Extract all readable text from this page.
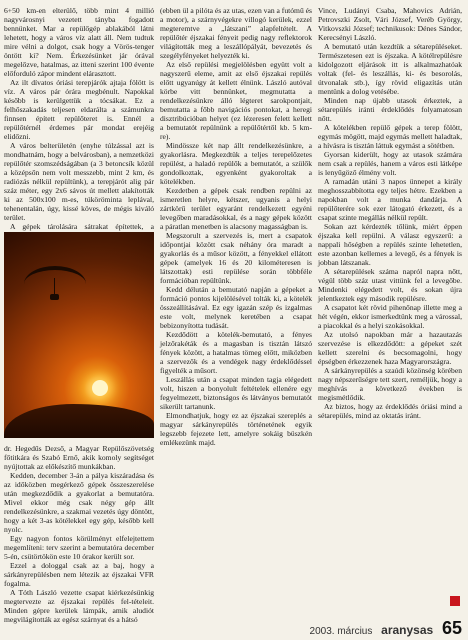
6+50 km-en elterülő, több mint 4 millió nagyvárosnyi vezetett tányba fogadott bennünket. Mar a repülőgép ablakából látni lehetett, hogy a város víz alatt áll. Nem tudtuk mire vélni a dolgot, csak hogy a Vörös-tenger öntött ki? Nem. Érkezésünket jár órával megelőzve, hatalmas, az itteni szerint 100 évente előforduló zápor mindent elárasztott.

Az ilt dívatos óriási terepjárók ajtaja fölött is víz. A város pár órára megbénult. Napokkal később is kerülgettük a tócsákat. Ez a felhőszakadás teljesen eldarálta a számunkra finnsen épített repülőteret is. Ennél a repülőtérnél érdemes pár mondat erejéig elidőzni.

A város belterületén (enyhe túlzással azt is mondhatnám, hogy a belvárosban), a nemzetközi repülőtér szomszédságában (a 3 betoncsík közül a középsőn nem volt messzebb, mint 2 km, és radiózás nélkül repültünk), a terepjárót alig pár száz méter, egy 2x6 sávos út mellett alakították ki az 500x100 m-es, túköröminta leplával, tehenentalán, úgy, kissé köves, de mégis kiváló terület.

A gépek tárolására sátrakat építettek, a

dr. Hegedűs Dezső, a Magyar Repülőszövetség főtitkára és Szabó Ernő, akik komoly segítséget nyújtottak az előkészítő munkákban.

Kedden, december 3-án a pálya kiszáradása és az időközben megérkező gépek összeszerelése után megkezdődik a gyakorlat a bemutatóra. Mivel ekkor még csak négy gép állt rendelkezésünkre, a szakmai vezetés úgy döntött, hogy a két 3-as kötélekkel egy gép, később kell nyolc.

Egy nagyon fontos körülményt elfelejtettem megemlíteni: terv szerint a bemutatóra december 5-én, csütörtökön este 10 órakor került sor.

Ezzel a dologgal csak az a baj, hogy a sárkányrepülésben nem létezik az éjszakai VFR fogalma.

A Tóth László vezette csapat kiérkezésünkig megtervezte az éjszakai repülés fel-tételeit. Minden gépre kerülek lámpák, amik aludiót megvilágították az egész szárnyat és a hátsó

(ebben ül a pilóta és az utas, ezen van a futómű és a motor), a szárnyvégekre villogó kerülek, ezzel megteremtve a „látszani” alapfeltételt. A repülőtér éjszakai fényeit pedig nagy reflektorok világították meg a leszállópályát, bevezetés és szegélyfényeket helyezték ki.

Az első repülési megjelölésben együtt volt a nagyszerű eleme, amit az első éjszakai repülés előtt ugyanúgy át kellett élnünk. László autóval körbe vitt bennünket, megmutatta a rendelkezésünkre álló légteret sarokpontjait, bemutatta a főbb navigációs pontokat, a heregi disztribúcióban helyet (ez lézeresen felett kellett a bemutatót repülnünk a repülőtértől kb. 5 km-re).

Mindössze két nap állt rendelkezésünkre, a gyakorlásra. Megkezdtük a teljes terepelőzetes repülést, a haladó repülők a bemutatót, a szülők gondolkoztak, egyenként gyakoroltak a kötelékben.

Kezdetben a gépek csak rendben repülni az ismeretlen helyre, kétszer, ugyanis a helyi zártkörű terület egyaránt rendelkezett egyéni levegőben maradásokkal, és a nagy gépek között a páratlan menetben is alacsony magasságban is.

Megszorult a szervezés is, mert a csapatok időpontjai között csak néhány óra maradt a gyakorlás és a műsor között, a fényekkel ellátott gépek (amelyek 16 és 20 kilométeresen is látszottak) esti repülése során többféle formációban repültünk.

Kedd délután a bemutató napján a gépeket a formáció pontos kijelölésével tolták ki, a kötelék összeállításával. Ez egy igazán szép és izgalmas este volt, melynek keretében a csapat bebizonyította tudását.

Kezdődött a kötelék-bemutató, a fényes jelzőrakéták és a magasban is tisztán látszó fények között, a hatalmas tömeg előtt, miközben a szervezők és a vendégek nagy érdeklődéssel figyelték a műsort.

Leszállás után a csapat minden tagja elégedett volt, hiszen a bonyolult feltételek ellenére egy fegyelmezett, biztonságos és látványos bemutatót sikerült tartanunk.

Elmondhatjuk, hogy ez az éjszakai szereplés a magyar sárkányrepülés történetének egyik legszebb fejezete lett, amelyre sokáig büszkén emlékezünk majd.

Vince, Ludányi Csaba, Mahovics Adrián, Petrovszki Zsolt, Vári József, Veréb György, Vitkovszki József; technikusok: Dénes Sándor, Kerecsényi László.

A bemutató után kezdtük a sétarepüléseket. Természetesen ezt is éjszaka. A kötélrepülésre kidolgozott eljárások itt is alkalmazhatóak voltak (fel- és leszállás, ki- és besorolás, útvonalak stb.), így rövid eligazítás után mentünk a dolog vetésébe.

Minden nap újabb utasok érkeztek, a sétarepülés iránti érdeklődés folyamatosan nőtt.

A kötelékben repülő gépek a terep fölött, egymás mögött, majd egymás mellett haladtak, a hívásra is tisztán láttuk egymást a sötétben.

Gyorsan kiderült, hogy az utasok számára nem csak a repülés, hanem a város esti látképe is lenyűgöző élmény volt.

A ramadán utáni 3 napos ünnepet a király meghosszabbította egy teljes hétre. Ezekben a napokban volt a munka dandárja. A repülőterére sok ezer látogató érkezett, és a csapat szinte megállás nélkül repült.

Sokan azt kérdezték tőlünk, miért éppen éjszaka kell repülni. A válasz egyszerű: a nappali hőségben a repülés szinte lehetetlen, este azonban kellemes a levegő, és a fények is jobban látszanak.

A sétarepülések száma napról napra nőtt, végül több száz utast vittünk fel a levegőbe. Mindenki elégedett volt, és sokan újra jelentkeztek egy második repülésre.

A csapatot két rövid pihenőnap illette meg a hét végén, ekkor ismerkedtünk meg a várossal, a piacokkal és a helyi szokásokkal.

Az utolsó napokban már a hazautazás szervezése is elkezdődött: a gépeket szét kellett szerelni és becsomagolni, hogy épségben érkezzenek haza Magyarországra.

A sárkányrepülés a szaúdi közönség körében nagy népszerűségre tett szert, reméljük, hogy a meghívás a következő években is megismétlődik.

Az biztos, hogy az érdeklődés óriási mind a sétarepülés, mind az oktatás iránt.

2003. március aranysas 65
